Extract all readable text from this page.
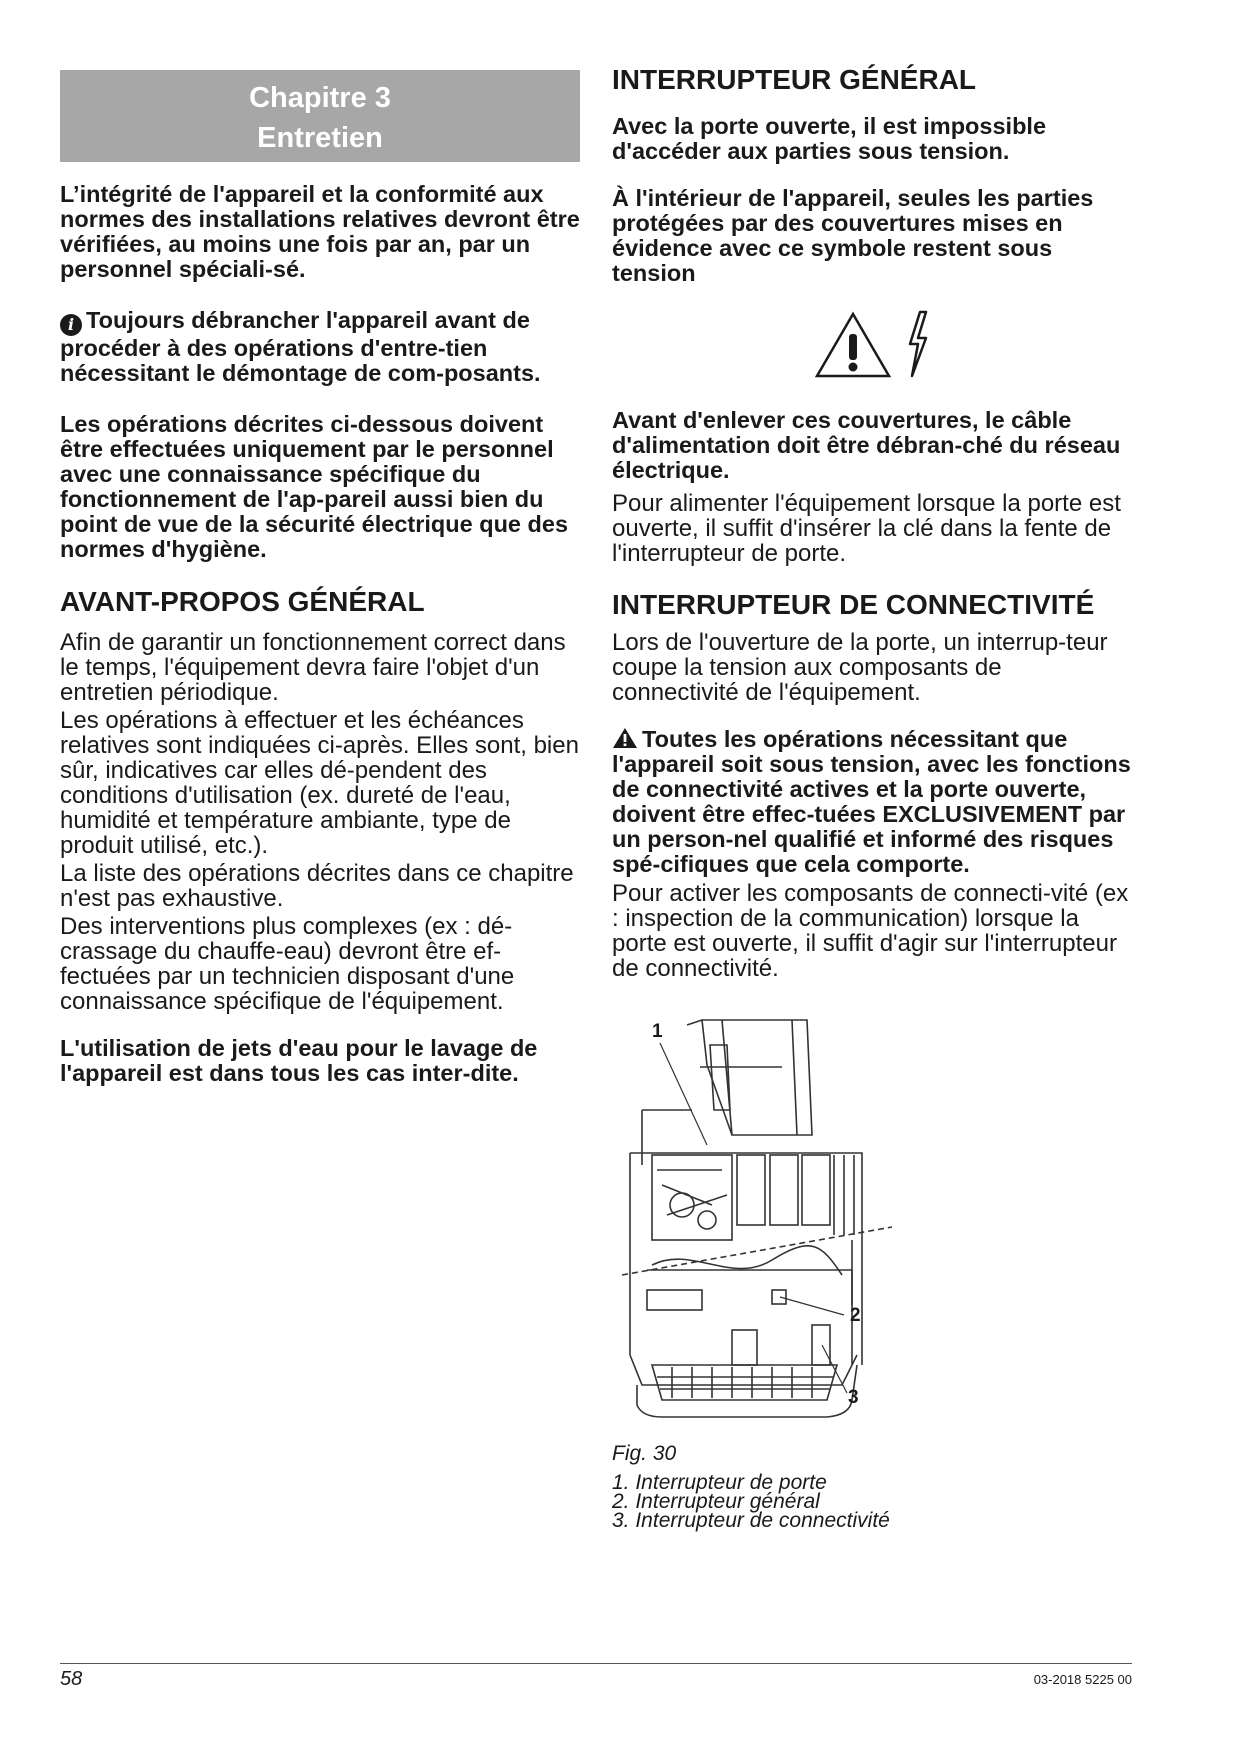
Chapitre 3
Entretien

L’intégrité de l'appareil et la conformité aux normes des installations relatives devront être vérifiées, au moins une fois par an, par un personnel spéciali-sé.

i Toujours débrancher l'appareil avant de procéder à des opérations d'entre-tien nécessitant le démontage de com-posants.

Les opérations décrites ci-dessous doivent être effectuées uniquement par le personnel avec une connaissance spécifique du fonctionnement de l'ap-pareil aussi bien du point de vue de la sécurité électrique que des normes d'hygiène.

AVANT-PROPOS GÉNÉRAL

Afin de garantir un fonctionnement correct dans le temps, l'équipement devra faire l'objet d'un entretien périodique.

Les opérations à effectuer et les échéances relatives sont indiquées ci-après. Elles sont, bien sûr, indicatives car elles dé-pendent des conditions d'utilisation (ex. dureté de l'eau, humidité et température ambiante, type de produit utilisé, etc.).

La liste des opérations décrites dans ce chapitre n'est pas exhaustive.

Des interventions plus complexes (ex : dé-crassage du chauffe-eau) devront être ef-fectuées par un technicien disposant d'une connaissance spécifique de l'équipement.

L'utilisation de jets d'eau pour le lavage de l'appareil est dans tous les cas inter-dite.

INTERRUPTEUR GÉNÉRAL

Avec la porte ouverte, il est impossible d'accéder aux parties sous tension.

À l'intérieur de l'appareil, seules les parties protégées par des couvertures mises en évidence avec ce symbole restent sous tension

Avant d'enlever ces couvertures, le câble d'alimentation doit être débran-ché du réseau électrique.

Pour alimenter l'équipement lorsque la porte est ouverte, il suffit d'insérer la clé dans la fente de l'interrupteur de porte.

INTERRUPTEUR DE CONNECTIVITÉ

Lors de l'ouverture de la porte, un interrup-teur coupe la tension aux composants de connectivité de l'équipement.

Toutes les opérations nécessitant que l'appareil soit sous tension, avec les fonctions de connectivité actives et la porte ouverte, doivent être effec-tuées EXCLUSIVEMENT par un person-nel qualifié et informé des risques spé-cifiques que cela comporte.

Pour activer les composants de connecti-vité (ex : inspection de la communication) lorsque la porte est ouverte, il suffit d'agir sur l'interrupteur de connectivité.

1
2
3
Fig. 30
1. Interrupteur de porte
2. Interrupteur général
3. Interrupteur de connectivité
58	03-2018 5225 00
